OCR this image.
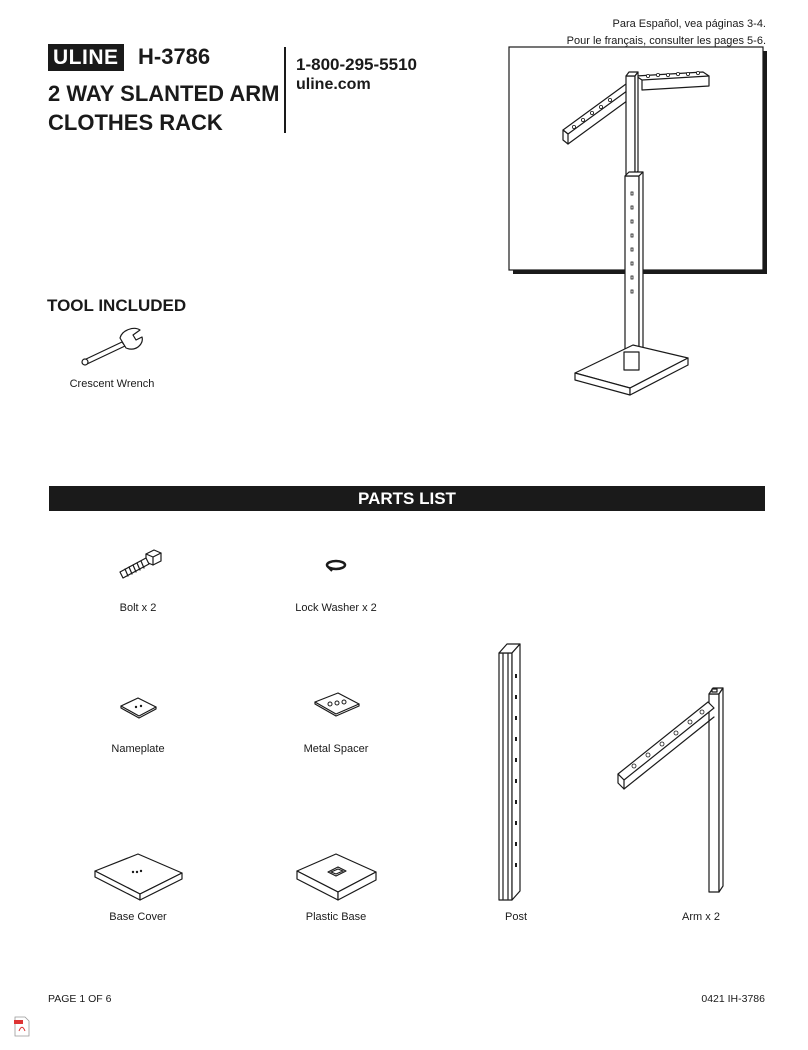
ULINE H-3786
2 WAY SLANTED ARM
CLOTHES RACK
1-800-295-5510
uline.com
Para Español, vea páginas 3-4.
Pour le français, consulter les pages 5-6.
TOOL INCLUDED
Crescent Wrench
PARTS LIST
Bolt x 2	Lock Washer x 2
Nameplate	Metal Spacer
Base Cover	Plastic Base	Post	Arm x 2
PAGE 1 OF 6	0421 IH-3786
